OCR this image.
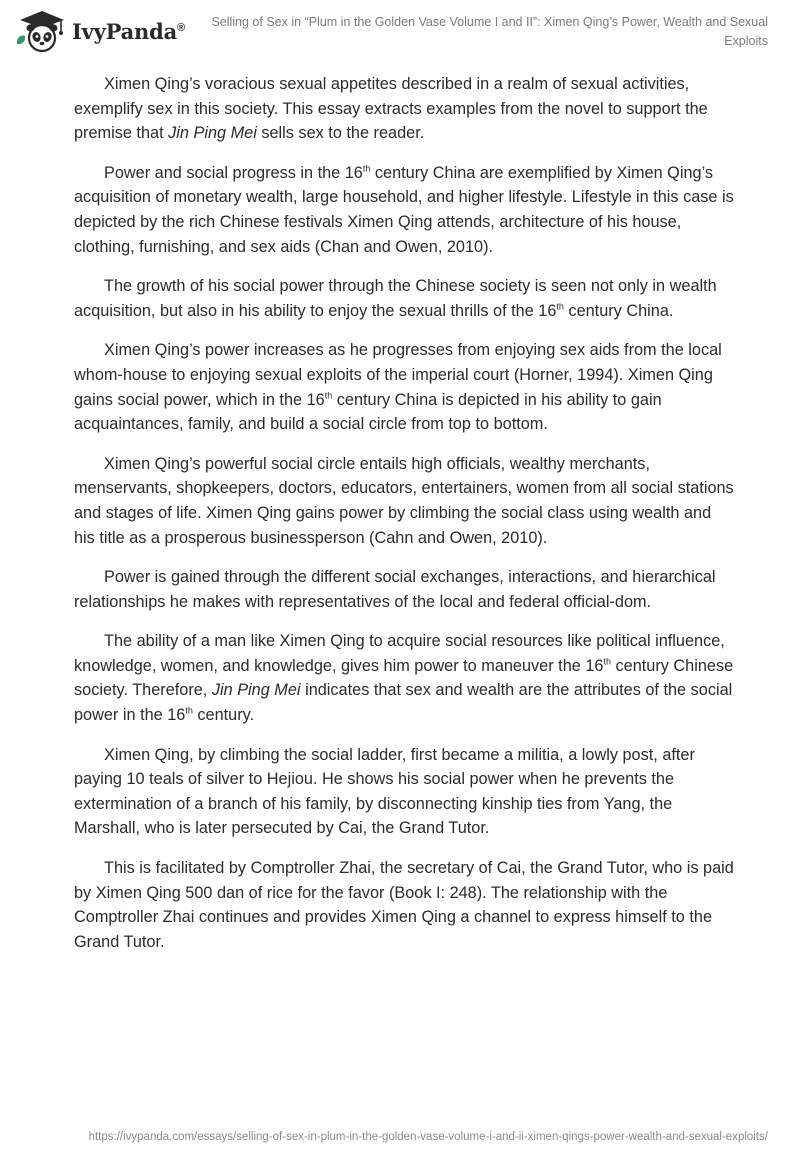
IvyPanda®	Selling of Sex in “Plum in the Golden Vase Volume I and II”: Ximen Qing’s Power, Wealth and Sexual Exploits

Ximen Qing’s voracious sexual appetites described in a realm of sexual activities, exemplify sex in this society. This essay extracts examples from the novel to support the premise that Jin Ping Mei sells sex to the reader.

Power and social progress in the 16th century China are exemplified by Ximen Qing’s acquisition of monetary wealth, large household, and higher lifestyle. Lifestyle in this case is depicted by the rich Chinese festivals Ximen Qing attends, architecture of his house, clothing, furnishing, and sex aids (Chan and Owen, 2010).

The growth of his social power through the Chinese society is seen not only in wealth acquisition, but also in his ability to enjoy the sexual thrills of the 16th century China.

Ximen Qing’s power increases as he progresses from enjoying sex aids from the local whom-house to enjoying sexual exploits of the imperial court (Horner, 1994). Ximen Qing gains social power, which in the 16th century China is depicted in his ability to gain acquaintances, family, and build a social circle from top to bottom.

Ximen Qing’s powerful social circle entails high officials, wealthy merchants, menservants, shopkeepers, doctors, educators, entertainers, women from all social stations and stages of life. Ximen Qing gains power by climbing the social class using wealth and his title as a prosperous businessperson (Cahn and Owen, 2010).

Power is gained through the different social exchanges, interactions, and hierarchical relationships he makes with representatives of the local and federal official-dom.

The ability of a man like Ximen Qing to acquire social resources like political influence, knowledge, women, and knowledge, gives him power to maneuver the 16th century Chinese society. Therefore, Jin Ping Mei indicates that sex and wealth are the attributes of the social power in the 16th century.

Ximen Qing, by climbing the social ladder, first became a militia, a lowly post, after paying 10 teals of silver to Hejiou. He shows his social power when he prevents the extermination of a branch of his family, by disconnecting kinship ties from Yang, the Marshall, who is later persecuted by Cai, the Grand Tutor.

This is facilitated by Comptroller Zhai, the secretary of Cai, the Grand Tutor, who is paid by Ximen Qing 500 dan of rice for the favor (Book I: 248). The relationship with the Comptroller Zhai continues and provides Ximen Qing a channel to express himself to the Grand Tutor.

https://ivypanda.com/essays/selling-of-sex-in-plum-in-the-golden-vase-volume-i-and-ii-ximen-qings-power-wealth-and-sexual-exploits/
